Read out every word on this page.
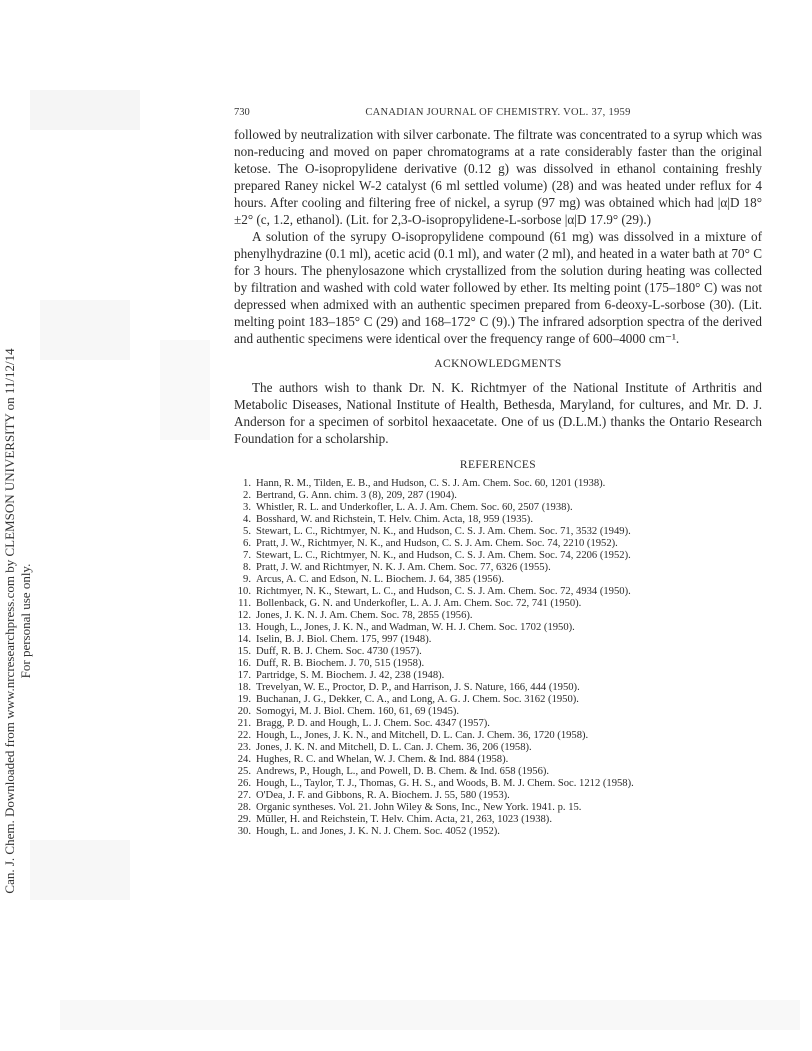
Can. J. Chem. Downloaded from www.nrcresearchpress.com by CLEMSON UNIVERSITY on 11/12/14 For personal use only.
730	CANADIAN JOURNAL OF CHEMISTRY. VOL. 37, 1959

followed by neutralization with silver carbonate. The filtrate was concentrated to a syrup which was non-reducing and moved on paper chromatograms at a rate considerably faster than the original ketose. The O-isopropylidene derivative (0.12 g) was dissolved in ethanol containing freshly prepared Raney nickel W-2 catalyst (6 ml settled volume) (28) and was heated under reflux for 4 hours. After cooling and filtering free of nickel, a syrup (97 mg) was obtained which had |α|D 18°±2° (c, 1.2, ethanol). (Lit. for 2,3-O-isopropylidene-L-sorbose |α|D 17.9° (29).)

A solution of the syrupy O-isopropylidene compound (61 mg) was dissolved in a mixture of phenylhydrazine (0.1 ml), acetic acid (0.1 ml), and water (2 ml), and heated in a water bath at 70° C for 3 hours. The phenylosazone which crystallized from the solution during heating was collected by filtration and washed with cold water followed by ether. Its melting point (175–180° C) was not depressed when admixed with an authentic specimen prepared from 6-deoxy-L-sorbose (30). (Lit. melting point 183–185° C (29) and 168–172° C (9).) The infrared adsorption spectra of the derived and authentic specimens were identical over the frequency range of 600–4000 cm⁻¹.

ACKNOWLEDGMENTS

The authors wish to thank Dr. N. K. Richtmyer of the National Institute of Arthritis and Metabolic Diseases, National Institute of Health, Bethesda, Maryland, for cultures, and Mr. D. J. Anderson for a specimen of sorbitol hexaacetate. One of us (D.L.M.) thanks the Ontario Research Foundation for a scholarship.

REFERENCES
1. Hann, R. M., Tilden, E. B., and Hudson, C. S. J. Am. Chem. Soc. 60, 1201 (1938).
2. Bertrand, G. Ann. chim. 3 (8), 209, 287 (1904).
3. Whistler, R. L. and Underkofler, L. A. J. Am. Chem. Soc. 60, 2507 (1938).
4. Bosshard, W. and Richstein, T. Helv. Chim. Acta, 18, 959 (1935).
5. Stewart, L. C., Richtmyer, N. K., and Hudson, C. S. J. Am. Chem. Soc. 71, 3532 (1949).
6. Pratt, J. W., Richtmyer, N. K., and Hudson, C. S. J. Am. Chem. Soc. 74, 2210 (1952).
7. Stewart, L. C., Richtmyer, N. K., and Hudson, C. S. J. Am. Chem. Soc. 74, 2206 (1952).
8. Pratt, J. W. and Richtmyer, N. K. J. Am. Chem. Soc. 77, 6326 (1955).
9. Arcus, A. C. and Edson, N. L. Biochem. J. 64, 385 (1956).
10. Richtmyer, N. K., Stewart, L. C., and Hudson, C. S. J. Am. Chem. Soc. 72, 4934 (1950).
11. Bollenback, G. N. and Underkofler, L. A. J. Am. Chem. Soc. 72, 741 (1950).
12. Jones, J. K. N. J. Am. Chem. Soc. 78, 2855 (1956).
13. Hough, L., Jones, J. K. N., and Wadman, W. H. J. Chem. Soc. 1702 (1950).
14. Iselin, B. J. Biol. Chem. 175, 997 (1948).
15. Duff, R. B. J. Chem. Soc. 4730 (1957).
16. Duff, R. B. Biochem. J. 70, 515 (1958).
17. Partridge, S. M. Biochem. J. 42, 238 (1948).
18. Trevelyan, W. E., Proctor, D. P., and Harrison, J. S. Nature, 166, 444 (1950).
19. Buchanan, J. G., Dekker, C. A., and Long, A. G. J. Chem. Soc. 3162 (1950).
20. Somogyi, M. J. Biol. Chem. 160, 61, 69 (1945).
21. Bragg, P. D. and Hough, L. J. Chem. Soc. 4347 (1957).
22. Hough, L., Jones, J. K. N., and Mitchell, D. L. Can. J. Chem. 36, 1720 (1958).
23. Jones, J. K. N. and Mitchell, D. L. Can. J. Chem. 36, 206 (1958).
24. Hughes, R. C. and Whelan, W. J. Chem. & Ind. 884 (1958).
25. Andrews, P., Hough, L., and Powell, D. B. Chem. & Ind. 658 (1956).
26. Hough, L., Taylor, T. J., Thomas, G. H. S., and Woods, B. M. J. Chem. Soc. 1212 (1958).
27. O'Dea, J. F. and Gibbons, R. A. Biochem. J. 55, 580 (1953).
28. Organic syntheses. Vol. 21. John Wiley & Sons, Inc., New York. 1941. p. 15.
29. Müller, H. and Reichstein, T. Helv. Chim. Acta, 21, 263, 1023 (1938).
30. Hough, L. and Jones, J. K. N. J. Chem. Soc. 4052 (1952).
